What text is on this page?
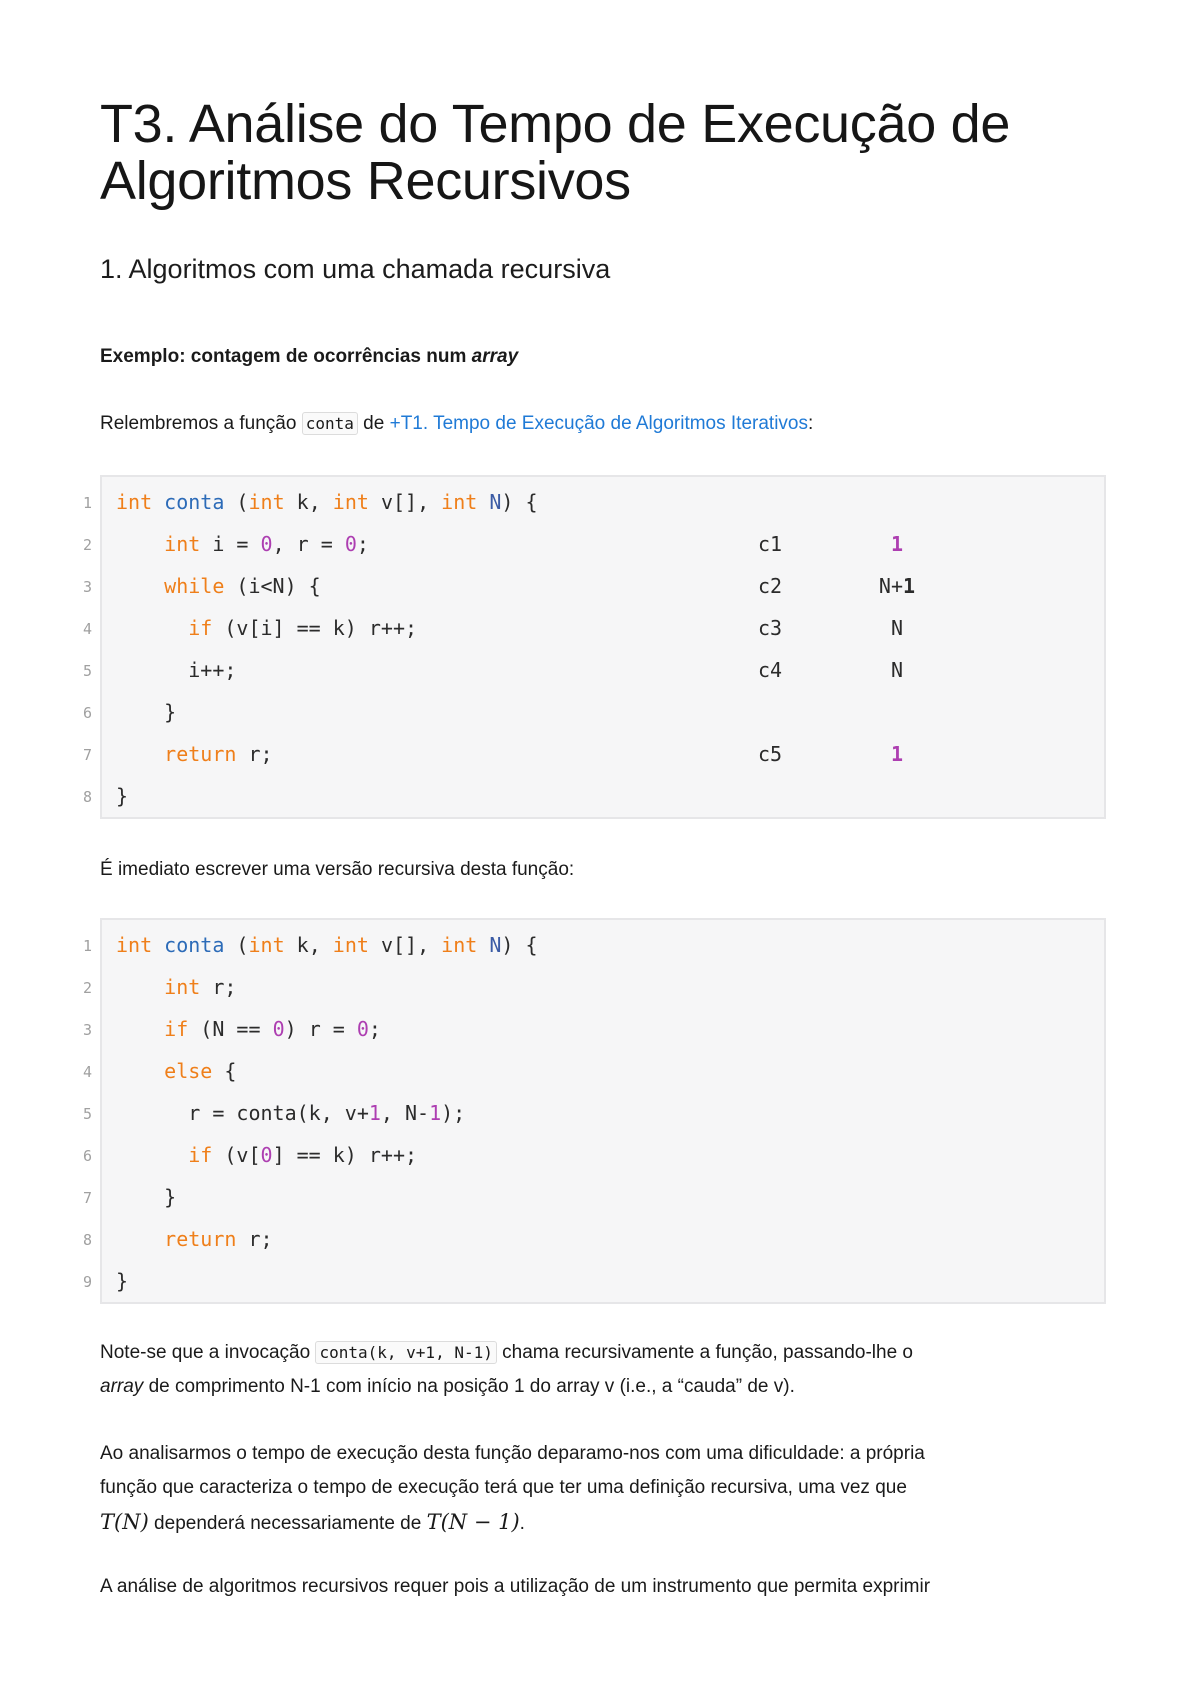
T3. Análise do Tempo de Execução de Algoritmos Recursivos
1. Algoritmos com uma chamada recursiva

Exemplo: contagem de ocorrências num array

Relembremos a função conta de +T1. Tempo de Execução de Algoritmos Iterativos:

1
2
3
4
5
6
7
8
int conta (int k, int v[], int N) {
int i = 0, r = 0;
while (i<N) {
if (v[i] == k) r++;
i++;
}
return r;
}
c1	1
c2	N+1
c3	N
c4	N
c5	1

É imediato escrever uma versão recursiva desta função:

1
2
3
4
5
6
7
8
9
int conta (int k, int v[], int N) {
int r;
if (N == 0) r = 0;
else {
r = conta(k, v+1, N-1);
if (v[0] == k) r++;
}
return r;
}

Note-se que a invocação conta(k, v+1, N-1) chama recursivamente a função, passando-lhe o
array de comprimento N-1 com início na posição 1 do array v (i.e., a “cauda” de v).

Ao analisarmos o tempo de execução desta função deparamo-nos com uma dificuldade: a própria
função que caracteriza o tempo de execução terá que ter uma definição recursiva, uma vez que
T(N) dependerá necessariamente de T(N − 1).

A análise de algoritmos recursivos requer pois a utilização de um instrumento que permita exprimir
